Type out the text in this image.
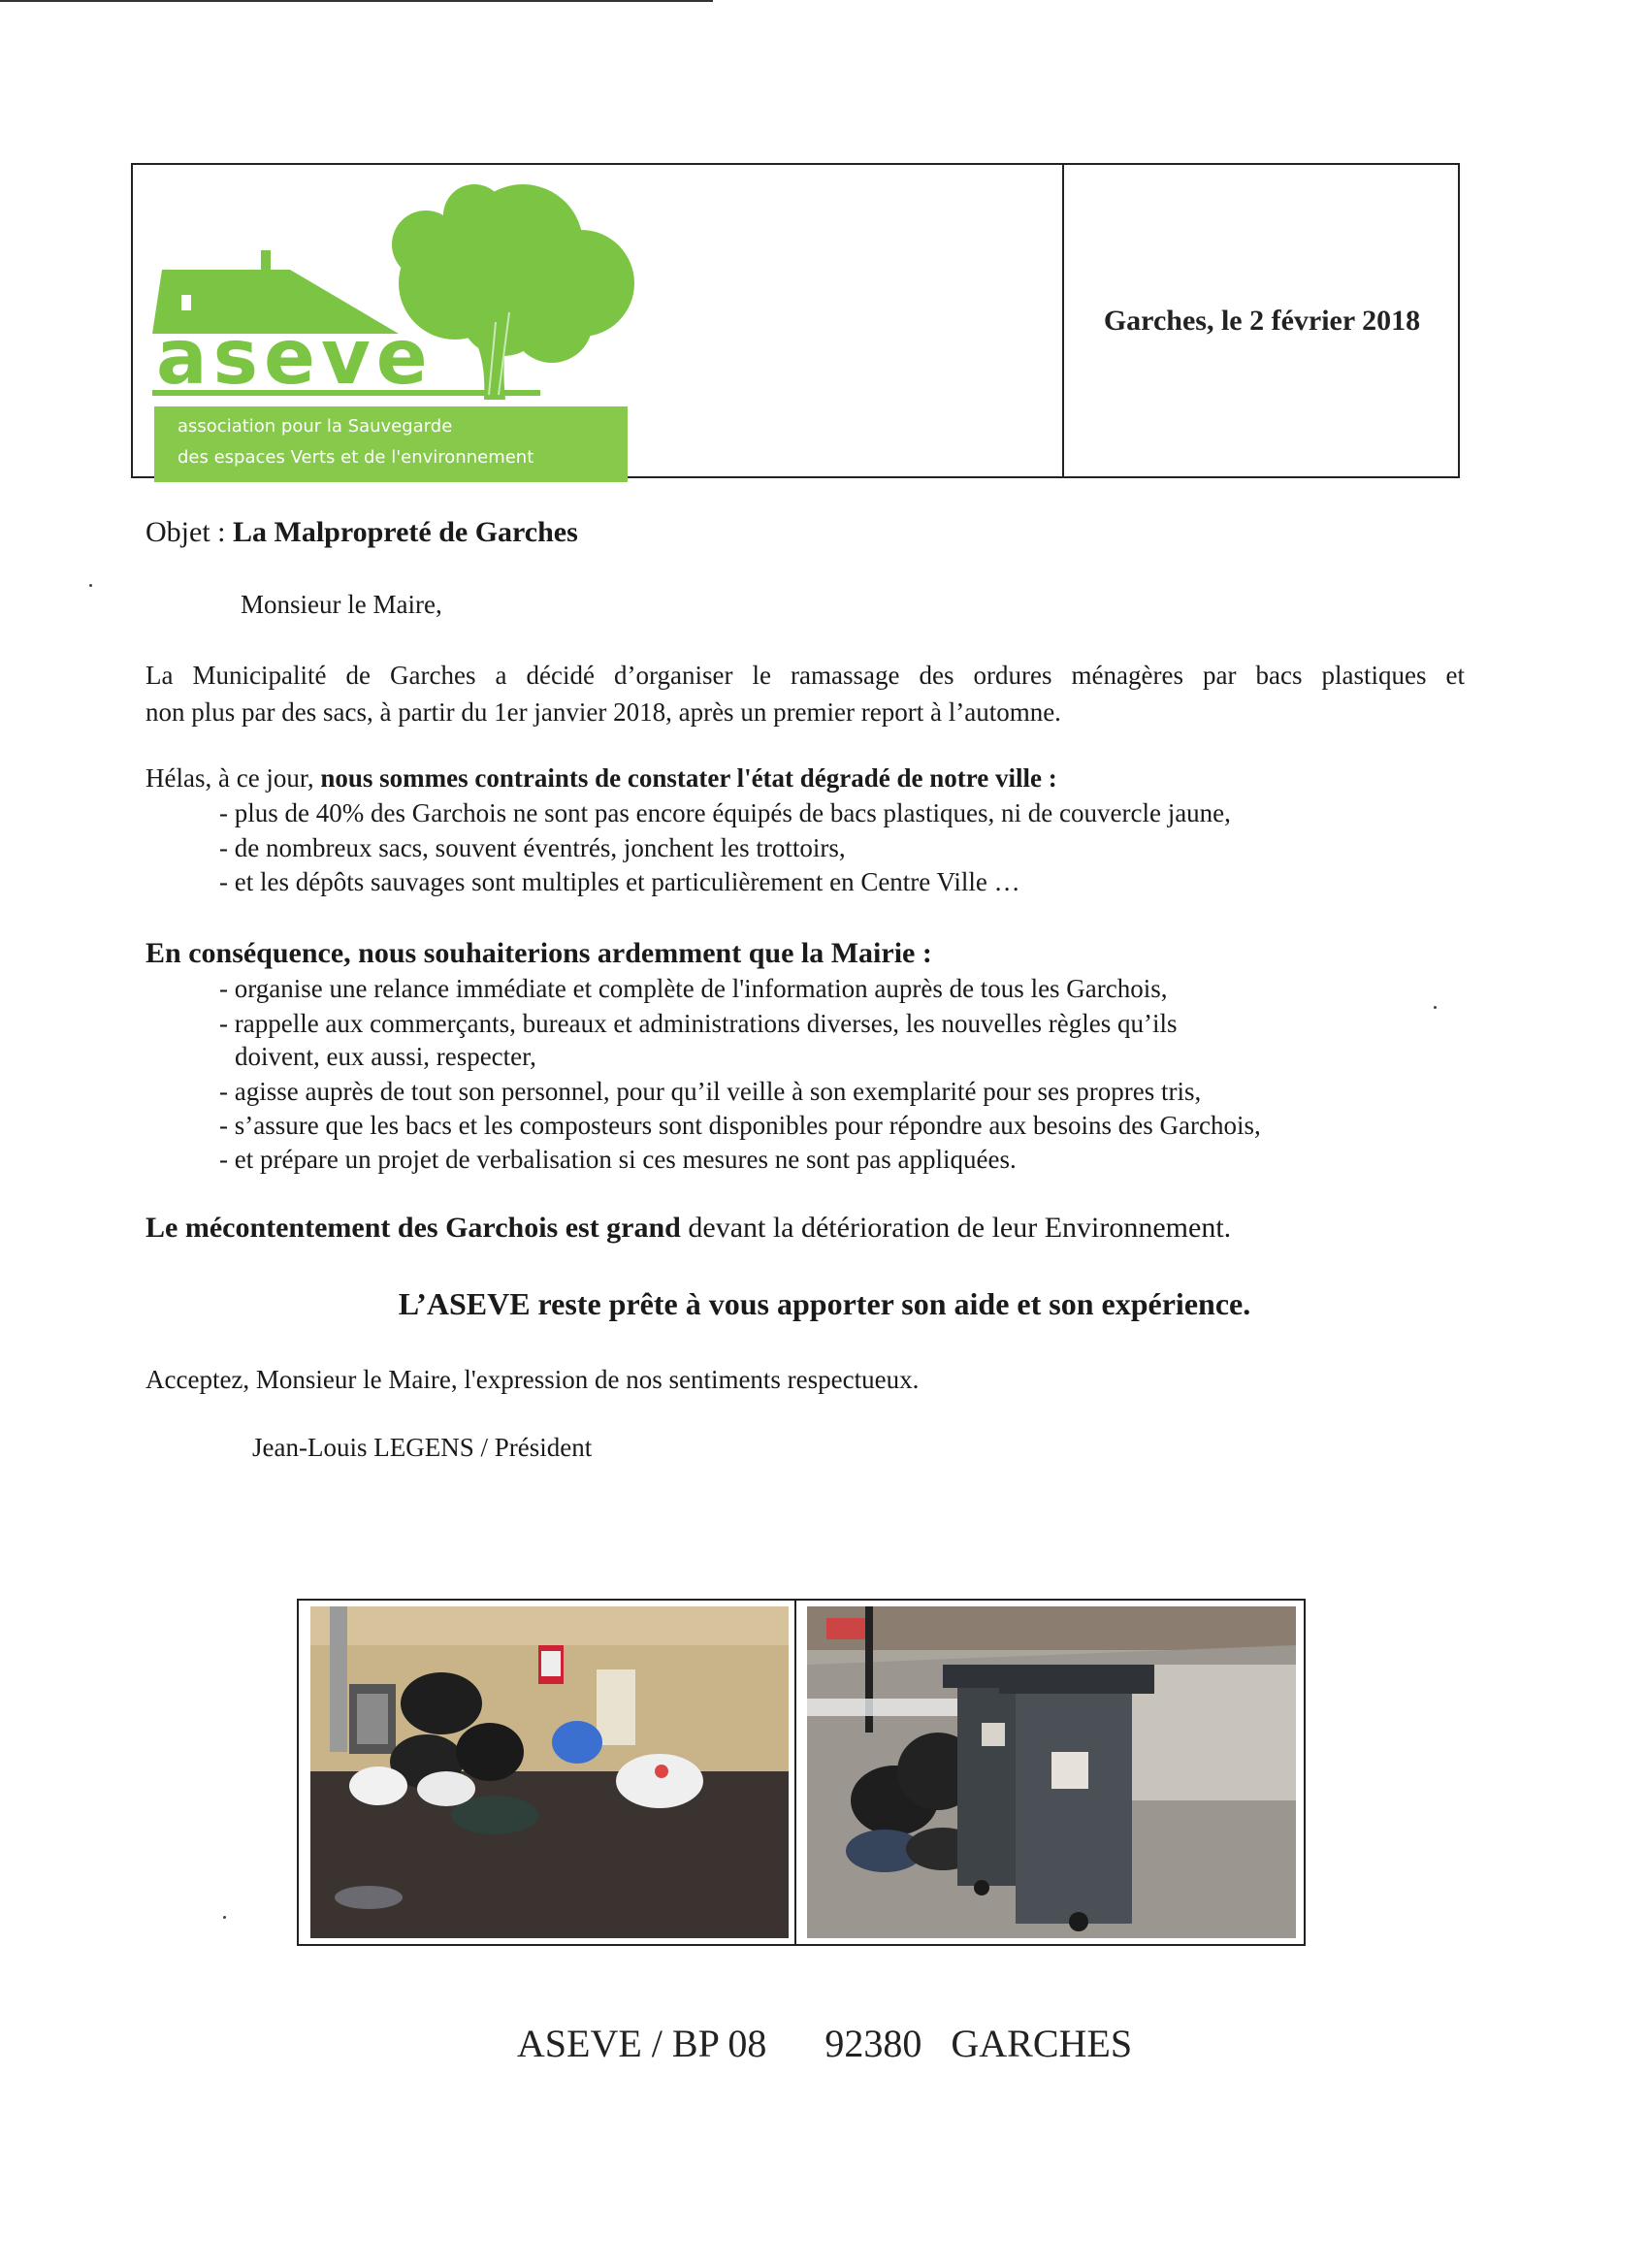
aseve
association pour la Sauvegarde
des espaces Verts et de l'environnement
Garches, le 2 février 2018
Objet : La Malpropreté de Garches
Monsieur le Maire,
La Municipalité de Garches a décidé d’organiser le ramassage des ordures ménagères par bacs plastiques et
non plus par des sacs, à partir du 1er janvier 2018, après un premier report à l’automne.
Hélas, à ce jour, nous sommes contraints de constater l'état dégradé de notre ville :
- plus de 40% des Garchois ne sont pas encore équipés de bacs plastiques, ni de couvercle jaune,
- de nombreux sacs, souvent éventrés, jonchent les trottoirs,
- et les dépôts sauvages sont multiples et particulièrement en Centre Ville …
En conséquence, nous souhaiterions ardemment que la Mairie :
- organise une relance immédiate et complète de l'information auprès de tous les Garchois,
- rappelle aux commerçants, bureaux et administrations diverses, les nouvelles règles qu’ils
doivent, eux aussi, respecter,
- agisse auprès de tout son personnel, pour qu’il veille à son exemplarité pour ses propres tris,
- s’assure que les bacs et les composteurs sont disponibles pour répondre aux besoins des Garchois,
- et prépare un projet de verbalisation si ces mesures ne sont pas appliquées.
Le mécontentement des Garchois est grand devant la détérioration de leur Environnement.
L’ASEVE reste prête à vous apporter son aide et son expérience.
Acceptez, Monsieur le Maire, l'expression de nos sentiments respectueux.
Jean-Louis LEGENS / Président
ASEVE / BP 08      92380   GARCHES
